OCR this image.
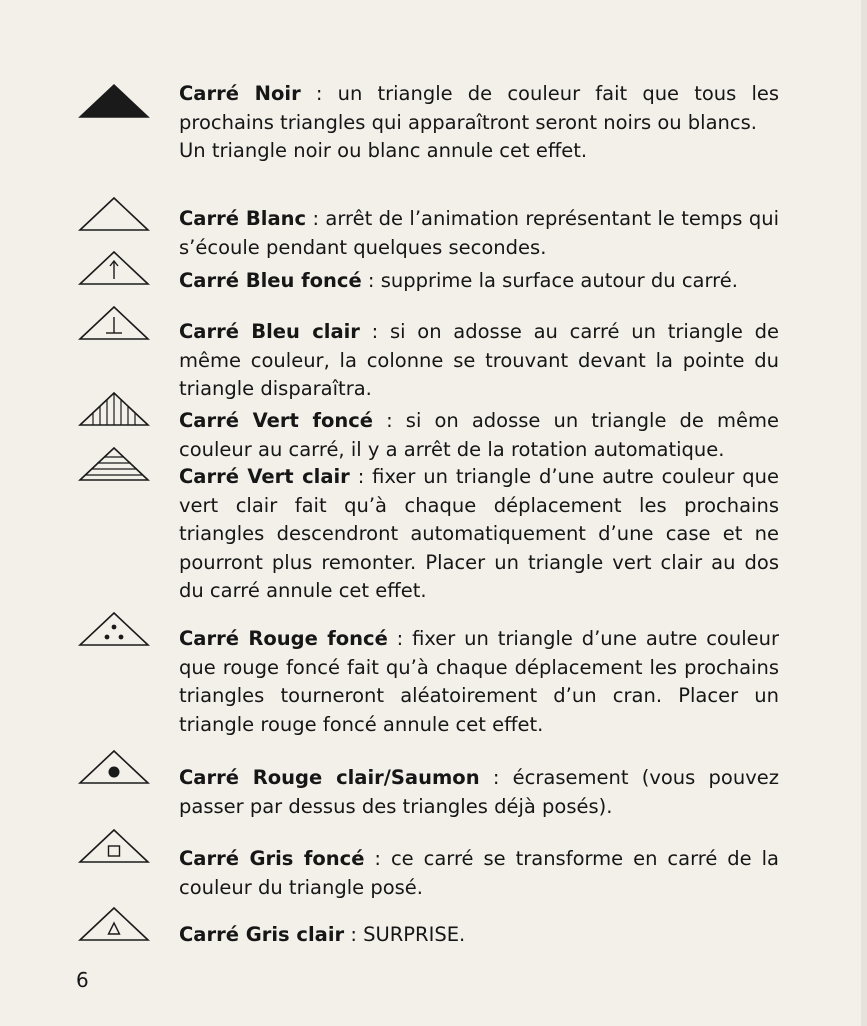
Carré Noir : un triangle de couleur fait que tous les prochains triangles qui apparaîtront seront noirs ou blancs.
Un triangle noir ou blanc annule cet effet.

Carré Blanc : arrêt de l’animation représentant le temps qui s’écoule pendant quelques secondes.

Carré Bleu foncé : supprime la surface autour du carré.

Carré Bleu clair : si on adosse au carré un triangle de même couleur, la colonne se trouvant devant la pointe du triangle disparaîtra.

Carré Vert foncé : si on adosse un triangle de même couleur au carré, il y a arrêt de la rotation automatique.

Carré Vert clair : fixer un triangle d’une autre couleur que vert clair fait qu’à chaque déplacement les prochains triangles descendront automatiquement d’une case et ne pourront plus remonter. Placer un triangle vert clair au dos du carré annule cet effet.

Carré Rouge foncé : fixer un triangle d’une autre couleur que rouge foncé fait qu’à chaque déplacement les prochains triangles tourneront aléatoirement d’un cran. Placer un triangle rouge foncé annule cet effet.

Carré Rouge clair/Saumon : écrasement (vous pouvez passer par dessus des triangles déjà posés).

Carré Gris foncé : ce carré se transforme en carré de la couleur du triangle posé.

Carré Gris clair : SURPRISE.

6
